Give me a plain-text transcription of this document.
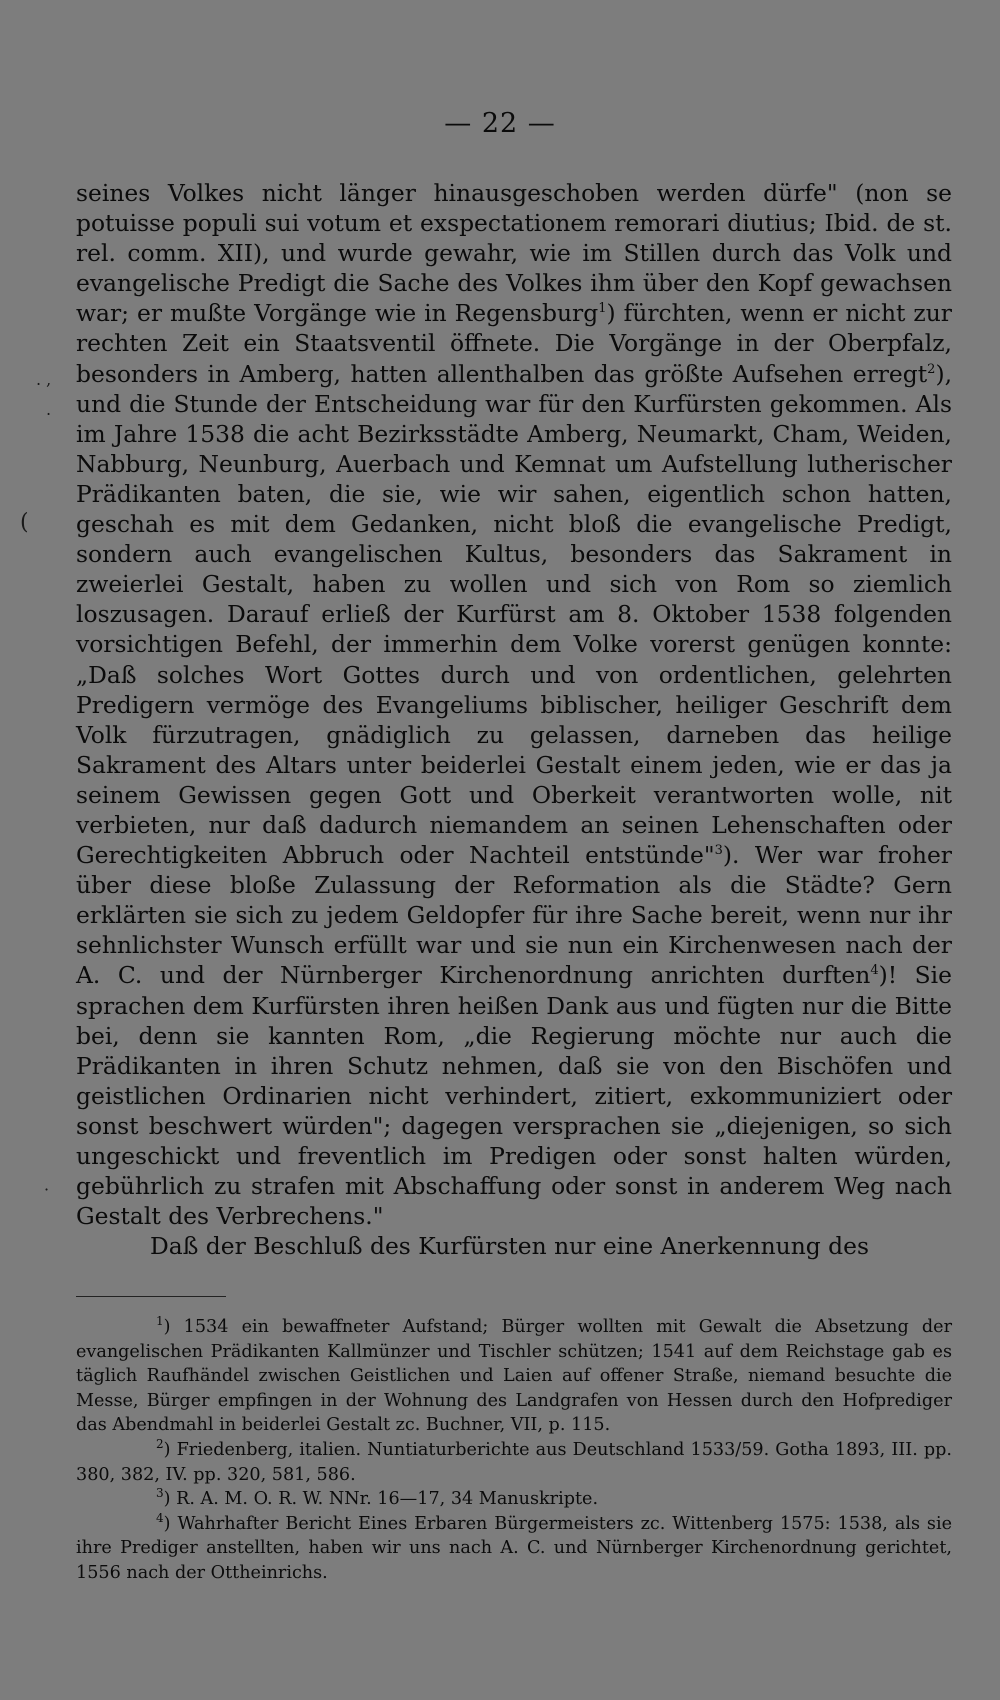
— 22 —
. ,
.
(
·

seines Volkes nicht länger hinausgeschoben werden dürfe" (non se potuisse populi sui votum et exspectationem remorari diutius; Ibid. de st. rel. comm. XII), und wurde gewahr, wie im Stillen durch das Volk und evangelische Predigt die Sache des Volkes ihm über den Kopf gewachsen war; er mußte Vorgänge wie in Regensburg$^1$) fürchten, wenn er nicht zur rechten Zeit ein Staatsventil öffnete. Die Vorgänge in der Oberpfalz, besonders in Amberg, hatten allenthalben das größte Aufsehen erregt$^2$), und die Stunde der Entscheidung war für den Kurfürsten gekommen. Als im Jahre 1538 die acht Bezirksstädte Amberg, Neumarkt, Cham, Weiden, Nabburg, Neunburg, Auerbach und Kemnat um Aufstellung lutherischer Prädikanten baten, die sie, wie wir sahen, eigentlich schon hatten, geschah es mit dem Gedanken, nicht bloß die evangelische Predigt, sondern auch evangelischen Kultus, besonders das Sakrament in zweierlei Gestalt, haben zu wollen und sich von Rom so ziemlich loszusagen. Darauf erließ der Kurfürst am 8. Oktober 1538 folgenden vorsichtigen Befehl, der immerhin dem Volke vorerst genügen konnte: „Daß solches Wort Gottes durch und von ordentlichen, gelehrten Predigern vermöge des Evangeliums biblischer, heiliger Geschrift dem Volk fürzutragen, gnädiglich zu gelassen, darneben das heilige Sakrament des Altars unter beiderlei Gestalt einem jeden, wie er das ja seinem Gewissen gegen Gott und Oberkeit verantworten wolle, nit verbieten, nur daß dadurch niemandem an seinen Lehenschaften oder Gerechtigkeiten Abbruch oder Nachteil entstünde"$^3$). Wer war froher über diese bloße Zulassung der Reformation als die Städte? Gern erklärten sie sich zu jedem Geldopfer für ihre Sache bereit, wenn nur ihr sehnlichster Wunsch erfüllt war und sie nun ein Kirchenwesen nach der A. C. und der Nürnberger Kirchenordnung anrichten durften$^4$)! Sie sprachen dem Kurfürsten ihren heißen Dank aus und fügten nur die Bitte bei, denn sie kannten Rom, „die Regierung möchte nur auch die Prädikanten in ihren Schutz nehmen, daß sie von den Bischöfen und geistlichen Ordinarien nicht verhindert, zitiert, exkommuniziert oder sonst beschwert würden"; dagegen versprachen sie „diejenigen, so sich ungeschickt und freventlich im Predigen oder sonst halten würden, gebührlich zu strafen mit Abschaffung oder sonst in anderem Weg nach Gestalt des Verbrechens."

Daß der Beschluß des Kurfürsten nur eine Anerkennung des

$^1$) 1534 ein bewaffneter Aufstand; Bürger wollten mit Gewalt die Absetzung der evangelischen Prädikanten Kallmünzer und Tischler schützen; 1541 auf dem Reichstage gab es täglich Raufhändel zwischen Geistlichen und Laien auf offener Straße, niemand besuchte die Messe, Bürger empfingen in der Wohnung des Landgrafen von Hessen durch den Hofprediger das Abendmahl in beiderlei Gestalt zc. Buchner, VII, p. 115.

$^2$) Friedenberg, italien. Nuntiaturberichte aus Deutschland 1533/59. Gotha 1893, III. pp. 380, 382, IV. pp. 320, 581, 586.

$^3$) R. A. M. O. R. W. NNr. 16—17, 34 Manuskripte.

$^4$) Wahrhafter Bericht Eines Erbaren Bürgermeisters zc. Wittenberg 1575: 1538, als sie ihre Prediger anstellten, haben wir uns nach A. C. und Nürnberger Kirchenordnung gerichtet, 1556 nach der Ottheinrichs.
